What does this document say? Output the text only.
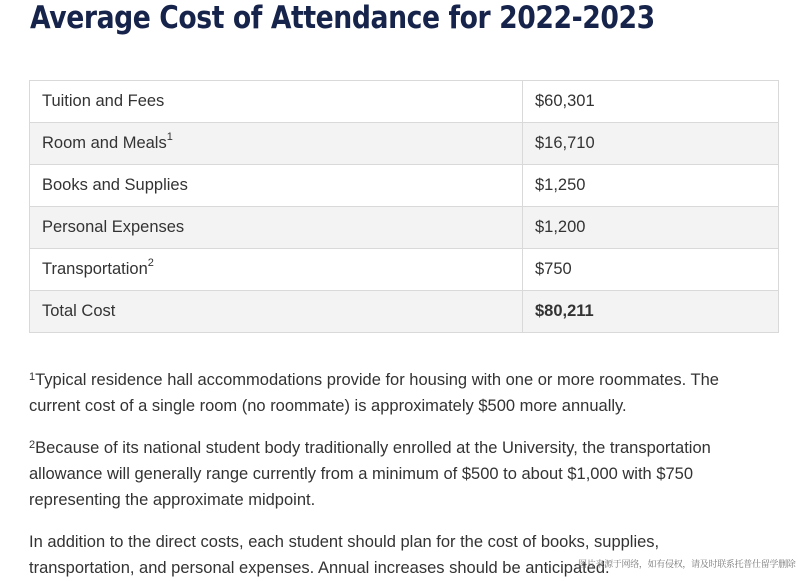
Average Cost of Attendance for 2022-2023
Tuition and Fees	$60,301
Room and Meals$^1$	$16,710
Books and Supplies	$1,250
Personal Expenses	$1,200
Transportation$^2$	$750
Total Cost	$80,211

$^1$Typical residence hall accommodations provide for housing with one or more roommates. The current cost of a single room (no roommate) is approximately $500 more annually.

$^2$Because of its national student body traditionally enrolled at the University, the transportation allowance will generally range currently from a minimum of $500 to about $1,000 with $750 representing the approximate midpoint.

In addition to the direct costs, each student should plan for the cost of books, supplies, transportation, and personal expenses. Annual increases should be anticipated.

图片来源于网络，如有侵权，请及时联系托普仕留学删除
